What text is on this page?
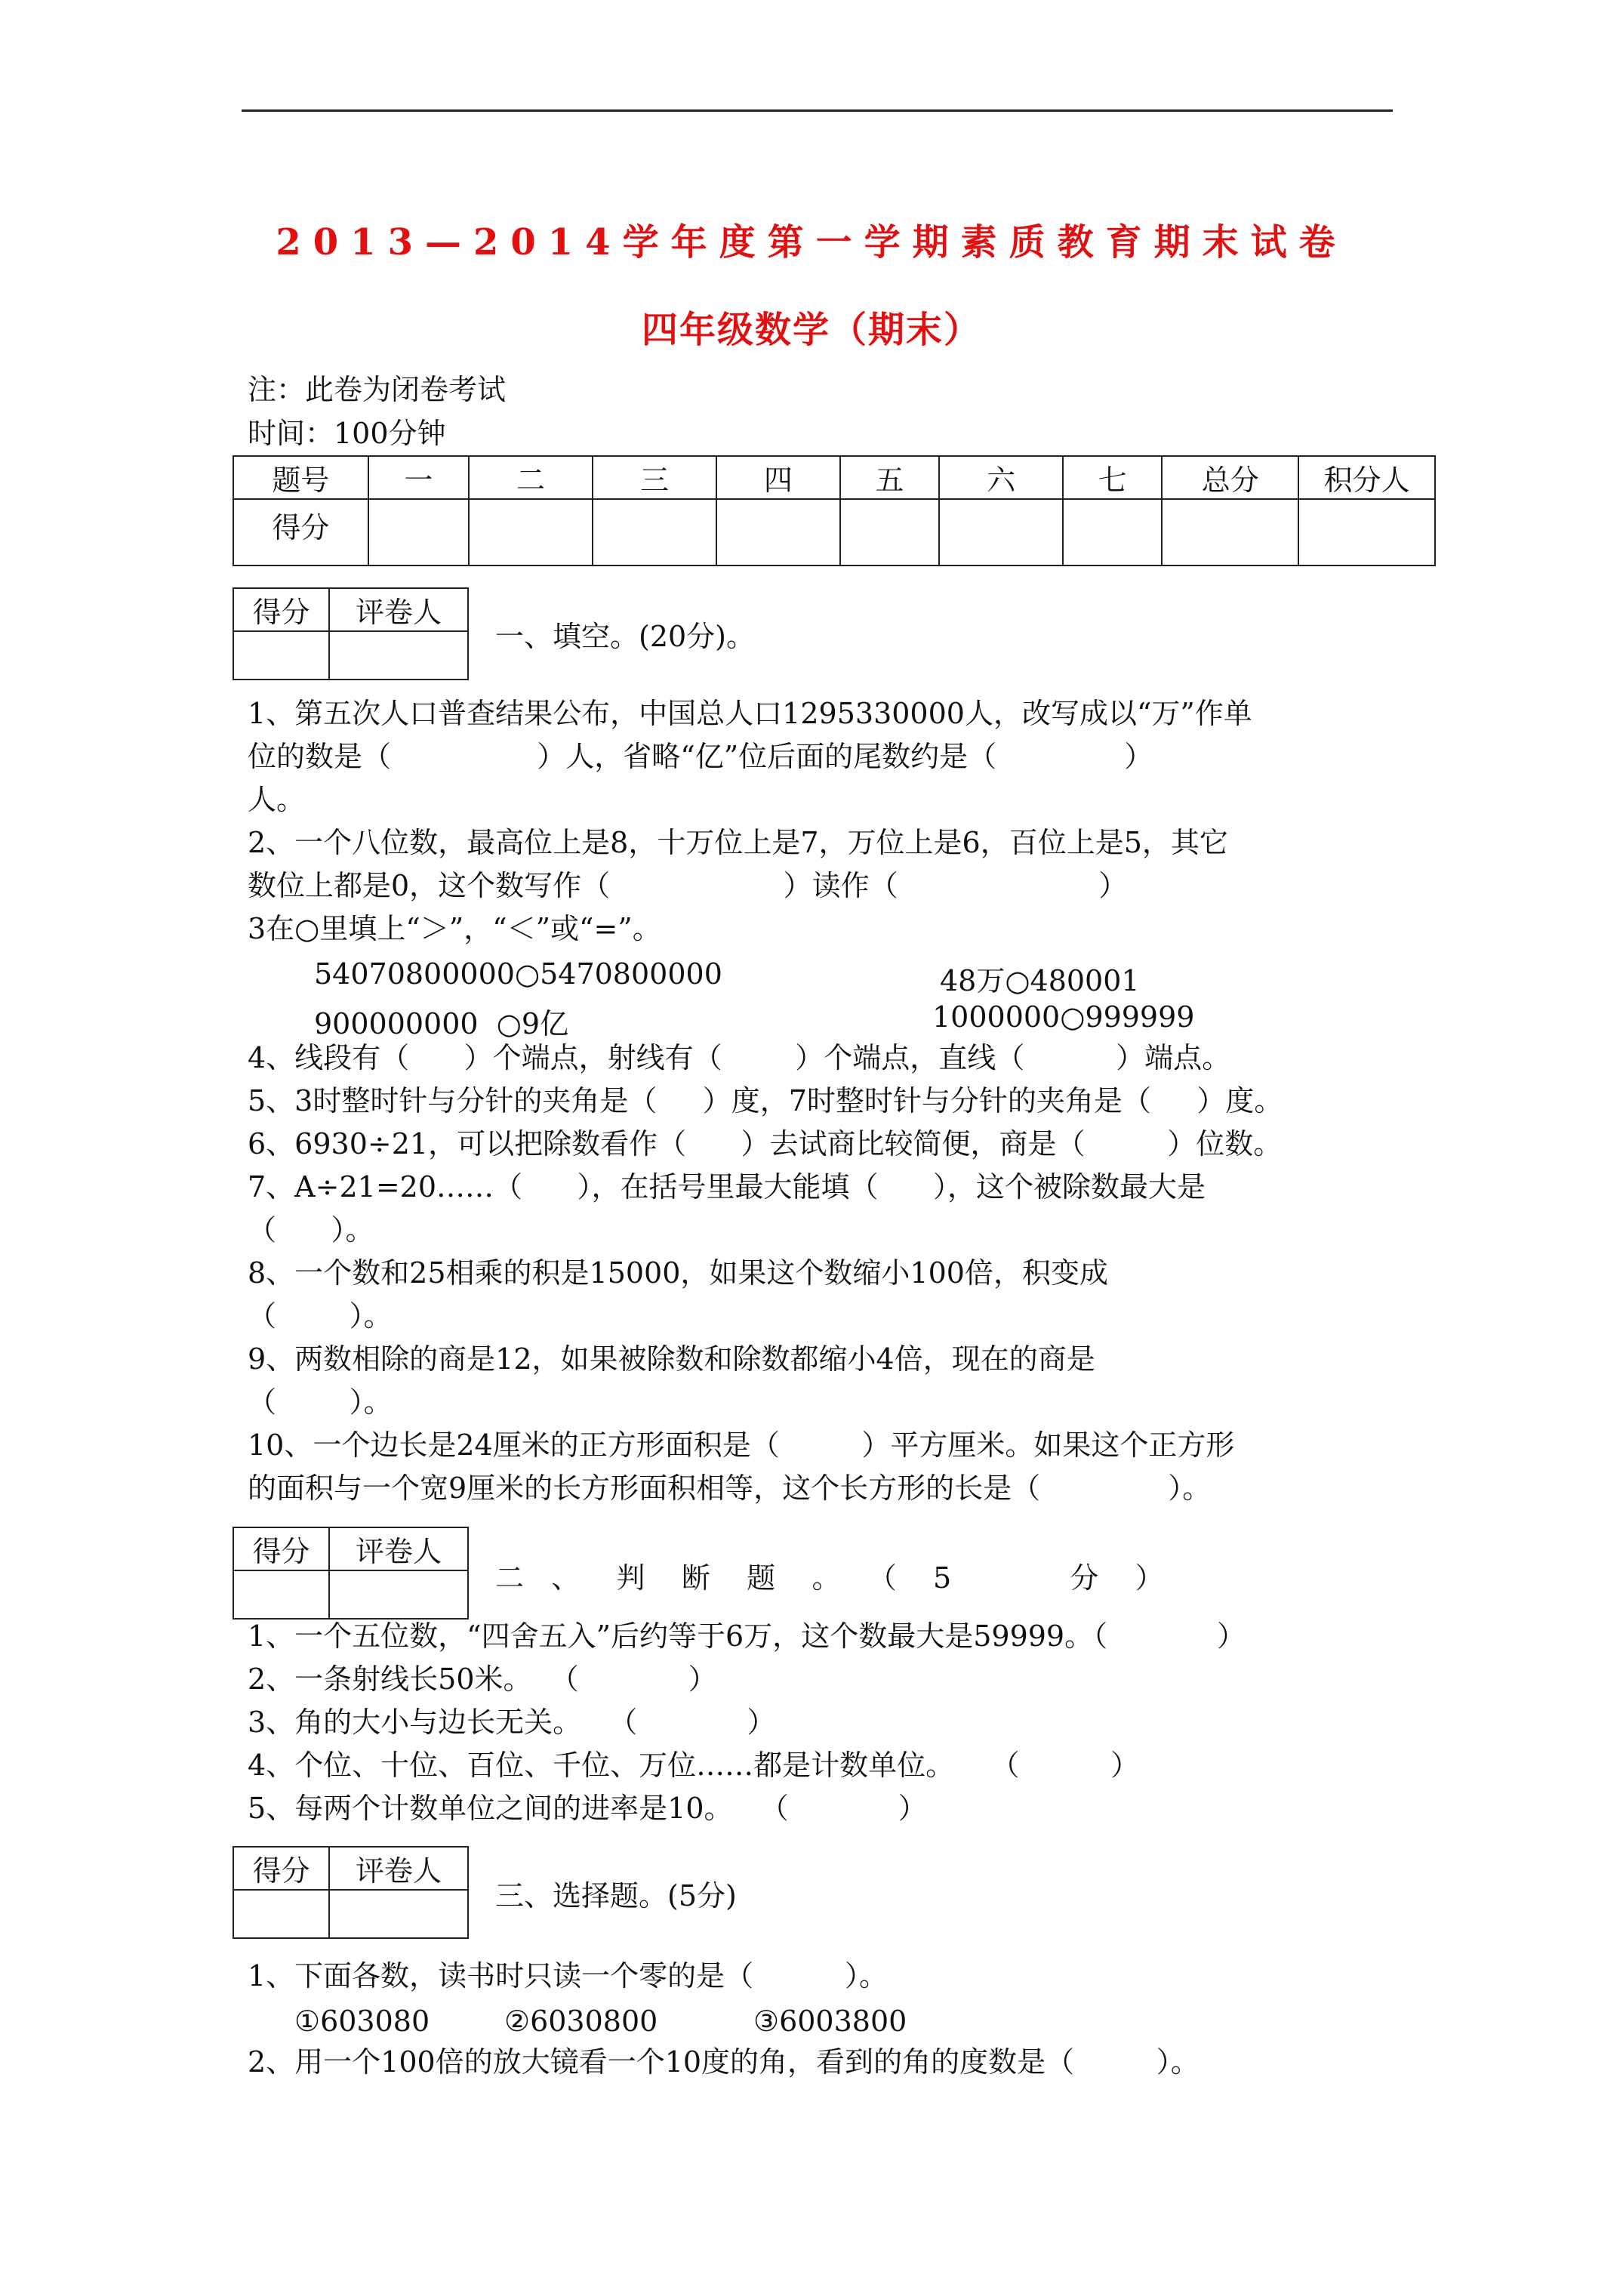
2013—2014学年度第一学期素质教育期末试卷
四年级数学（期末）
注：此卷为闭卷考试
时间：100分钟
题号	一	二	三	四	五	六	七	总分	积分人
得分									
得分	评卷人

一、填空。(20分)。
1、第五次人口普查结果公布，中国总人口1295330000人，改写成以“万”作单
位的数是（                ）人，省略“亿”位后面的尾数约是（              ）
人。
2、一个八位数，最高位上是8，十万位上是7，万位上是6，百位上是5，其它
数位上都是0，这个数写作（                   ）读作（                      ）
3在○里填上“＞”，“＜”或“=”。
54070800000○5470800000	48万○480001
900000000  ○9亿	1000000○999999
4、线段有（      ）个端点，射线有（        ）个端点，直线（          ）端点。
5、3时整时针与分针的夹角是（     ）度，7时整时针与分针的夹角是（     ）度。
6、6930÷21，可以把除数看作（      ）去试商比较简便，商是（         ）位数。
7、A÷21=20……（      ），在括号里最大能填（      ），这个被除数最大是
（      ）。
8、一个数和25相乘的积是15000，如果这个数缩小100倍，积变成
（        ）。
9、两数相除的商是12，如果被除数和除数都缩小4倍，现在的商是
（        ）。
10、一个边长是24厘米的正方形面积是（         ）平方厘米。如果这个正方形
的面积与一个宽9厘米的长方形面积相等，这个长方形的长是（              ）。
得分	评卷人

二   、    判    断    题    。   （    5             分    ）
1、一个五位数，“四舍五入”后约等于6万，这个数最大是59999。（            ）
2、一条射线长50米。  （            ）
3、角的大小与边长无关。   （            ）
4、个位、十位、百位、千位、万位……都是计数单位。    （          ）
5、每两个计数单位之间的进率是10。   （            ）
得分	评卷人

三、选择题。(5分)
1、下面各数，读书时只读一个零的是（          ）。
①603080	②6030800	③6003800
2、用一个100倍的放大镜看一个10度的角，看到的角的度数是（         ）。
